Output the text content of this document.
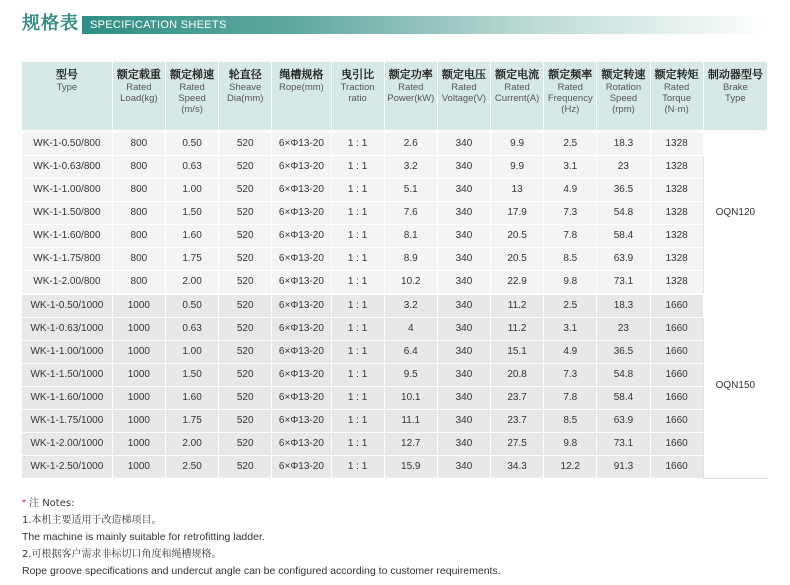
规格表 SPECIFICATION SHEETS
型号
Type	额定载重
Rated
Load(kg)	额定梯速
Rated
Speed
(m/s)	轮直径
Sheave
Dia(mm)	绳槽规格
Rope(mm)	曳引比
Traction
ratio	额定功率
Rated
Power(kW)	额定电压
Rated
Voltage(V)	额定电流
Rated
Current(A)	额定频率
Rated
Frequency
(Hz)	额定转速
Rotation
Speed
(rpm)	额定转矩
Rated
Torque
(N·m)	制动器型号
Brake
Type

WK-1-0.50/800	800	0.50	520	6×Φ13-20	1 : 1	2.6	340	9.9	2.5	18.3	1328	OQN120
WK-1-0.63/800	800	0.63	520	6×Φ13-20	1 : 1	3.2	340	9.9	3.1	23	1328	
WK-1-1.00/800	800	1.00	520	6×Φ13-20	1 : 1	5.1	340	13	4.9	36.5	1328	
WK-1-1.50/800	800	1.50	520	6×Φ13-20	1 : 1	7.6	340	17.9	7.3	54.8	1328	
WK-1-1.60/800	800	1.60	520	6×Φ13-20	1 : 1	8.1	340	20.5	7.8	58.4	1328	
WK-1-1.75/800	800	1.75	520	6×Φ13-20	1 : 1	8.9	340	20.5	8.5	63.9	1328	
WK-1-2.00/800	800	2.00	520	6×Φ13-20	1 : 1	10.2	340	22.9	9.8	73.1	1328	
WK-1-0.50/1000	1000	0.50	520	6×Φ13-20	1 : 1	3.2	340	11.2	2.5	18.3	1660	OQN150
WK-1-0.63/1000	1000	0.63	520	6×Φ13-20	1 : 1	4	340	11.2	3.1	23	1660	
WK-1-1.00/1000	1000	1.00	520	6×Φ13-20	1 : 1	6.4	340	15.1	4.9	36.5	1660	
WK-1-1.50/1000	1000	1.50	520	6×Φ13-20	1 : 1	9.5	340	20.8	7.3	54.8	1660	
WK-1-1.60/1000	1000	1.60	520	6×Φ13-20	1 : 1	10.1	340	23.7	7.8	58.4	1660	
WK-1-1.75/1000	1000	1.75	520	6×Φ13-20	1 : 1	11.1	340	23.7	8.5	63.9	1660	
WK-1-2.00/1000	1000	2.00	520	6×Φ13-20	1 : 1	12.7	340	27.5	9.8	73.1	1660	
WK-1-2.50/1000	1000	2.50	520	6×Φ13-20	1 : 1	15.9	340	34.3	12.2	91.3	1660	
* 注 Notes:
1.本机主要适用于改造梯项目。
The machine is mainly suitable for retrofitting ladder.
2.可根据客户需求非标切口角度和绳槽规格。
Rope groove specifications and undercut angle can be configured according to customer requirements.
